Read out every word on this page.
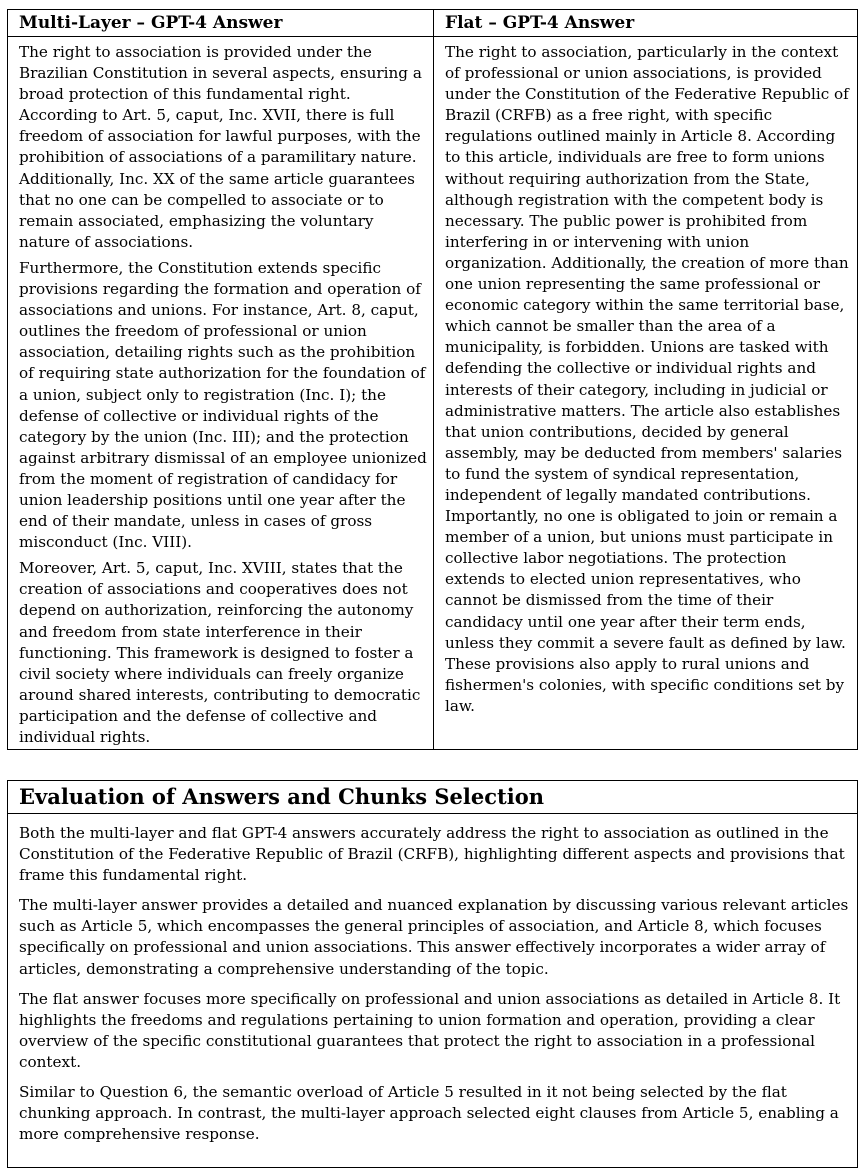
Multi-Layer – GPT-4 Answer	Flat – GPT-4 Answer

The right to association is provided under the Brazilian Constitution in several aspects, ensuring a broad protection of this fundamental right. According to Art. 5, caput, Inc. XVII, there is full freedom of association for lawful purposes, with the prohibition of associations of a paramilitary nature. Additionally, Inc. XX of the same article guarantees that no one can be compelled to associate or to remain associated, emphasizing the voluntary nature of associations.

Furthermore, the Constitution extends specific provisions regarding the formation and operation of associations and unions. For instance, Art. 8, caput, outlines the freedom of professional or union association, detailing rights such as the prohibition of requiring state authorization for the foundation of a union, subject only to registration (Inc. I); the defense of collective or individual rights of the category by the union (Inc. III); and the protection against arbitrary dismissal of an employee unionized from the moment of registration of candidacy for union leadership positions until one year after the end of their mandate, unless in cases of gross misconduct (Inc. VIII).

Moreover, Art. 5, caput, Inc. XVIII, states that the creation of associations and cooperatives does not depend on authorization, reinforcing the autonomy and freedom from state interference in their functioning. This framework is designed to foster a civil society where individuals can freely organize around shared interests, contributing to democratic participation and the defense of collective and individual rights.

The right to association, particularly in the context of professional or union associations, is provided under the Constitution of the Federative Republic of Brazil (CRFB) as a free right, with specific regulations outlined mainly in Article 8. According to this article, individuals are free to form unions without requiring authorization from the State, although registration with the competent body is necessary. The public power is prohibited from interfering in or intervening with union organization. Additionally, the creation of more than one union representing the same professional or economic category within the same territorial base, which cannot be smaller than the area of a municipality, is forbidden. Unions are tasked with defending the collective or individual rights and interests of their category, including in judicial or administrative matters. The article also establishes that union contributions, decided by general assembly, may be deducted from members' salaries to fund the system of syndical representation, independent of legally mandated contributions. Importantly, no one is obligated to join or remain a member of a union, but unions must participate in collective labor negotiations. The protection extends to elected union representatives, who cannot be dismissed from the time of their candidacy until one year after their term ends, unless they commit a severe fault as defined by law. These provisions also apply to rural unions and fishermen's colonies, with specific conditions set by law.

Evaluation of Answers and Chunks Selection

Both the multi-layer and flat GPT-4 answers accurately address the right to association as outlined in the Constitution of the Federative Republic of Brazil (CRFB), highlighting different aspects and provisions that frame this fundamental right.

The multi-layer answer provides a detailed and nuanced explanation by discussing various relevant articles such as Article 5, which encompasses the general principles of association, and Article 8, which focuses specifically on professional and union associations. This answer effectively incorporates a wider array of articles, demonstrating a comprehensive understanding of the topic.

The flat answer focuses more specifically on professional and union associations as detailed in Article 8. It highlights the freedoms and regulations pertaining to union formation and operation, providing a clear overview of the specific constitutional guarantees that protect the right to association in a professional context.

Similar to Question 6, the semantic overload of Article 5 resulted in it not being selected by the flat chunking approach. In contrast, the multi-layer approach selected eight clauses from Article 5, enabling a more comprehensive response.
